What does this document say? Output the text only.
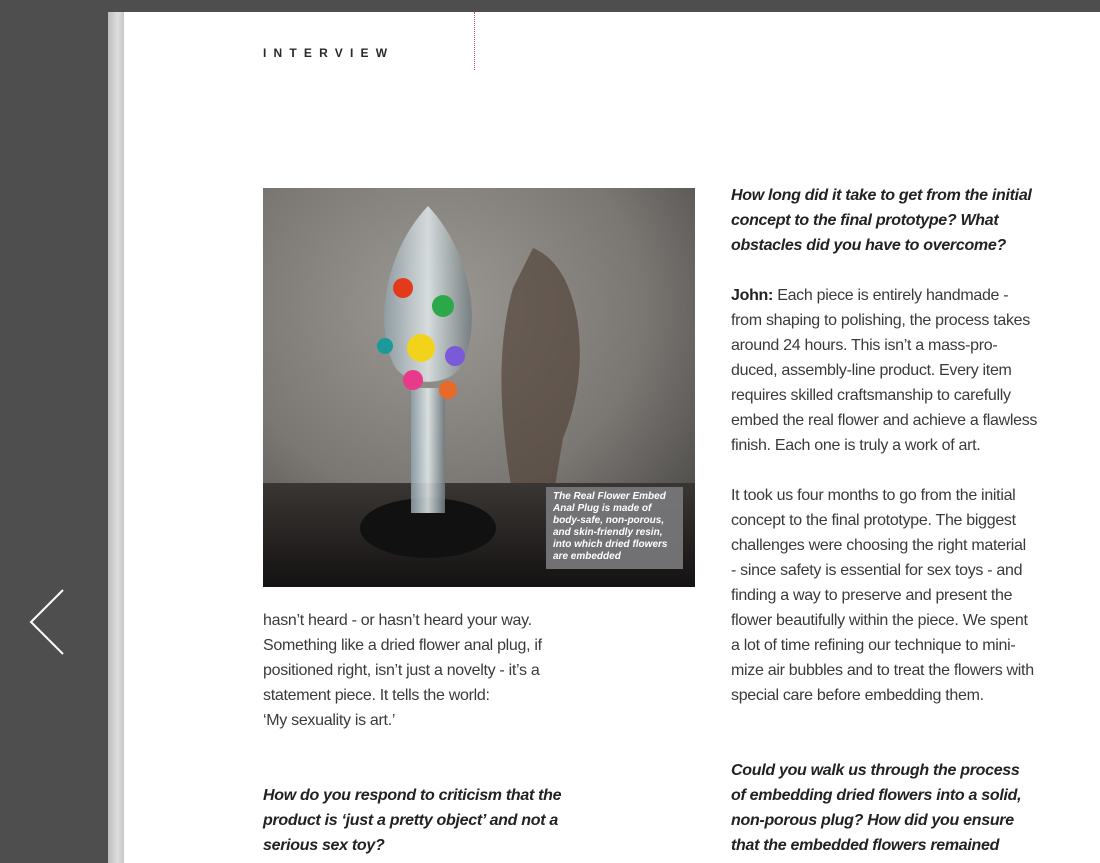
INTERVIEW
The Real Flower Embed Anal Plug is made of body-safe, non-porous, and skin-friendly resin, into which dried flowers are embedded

hasn’t heard - or hasn’t heard your way.
Something like a dried flower anal plug, if
positioned right, isn’t just a novelty - it’s a
statement piece. It tells the world:
‘My sexuality is art.’

How do you respond to criticism that the
product is ‘just a pretty object’ and not a
serious sex toy?

How long did it take to get from the initial
concept to the final prototype? What
obstacles did you have to overcome?

John: Each piece is entirely handmade -
from shaping to polishing, the process takes
around 24 hours. This isn’t a mass-pro-
duced, assembly-line product. Every item
requires skilled craftsmanship to carefully
embed the real flower and achieve a flawless
finish. Each one is truly a work of art.

It took us four months to go from the initial
concept to the final prototype. The biggest
challenges were choosing the right material
- since safety is essential for sex toys - and
finding a way to preserve and present the
flower beautifully within the piece. We spent
a lot of time refining our technique to mini-
mize air bubbles and to treat the flowers with
special care before embedding them.

Could you walk us through the process
of embedding dried flowers into a solid,
non-porous plug? How did you ensure
that the embedded flowers remained
